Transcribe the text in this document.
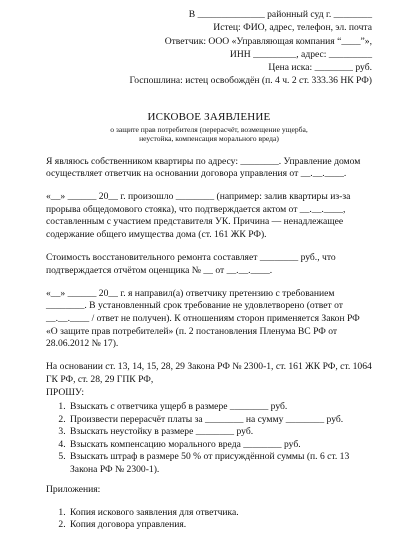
В ______________ районный суд г. ________
Истец: ФИО, адрес, телефон, эл. почта
Ответчик: ООО «Управляющая компания “____”»,
ИНН _________, адрес: _________
Цена иска: ________ руб.
Госпошлина: истец освобождён (п. 4 ч. 2 ст. 333.36 НК РФ)
ИСКОВОЕ ЗАЯВЛЕНИЕ
о защите прав потребителя (перерасчёт, возмещение ущерба,
неустойка, компенсация морального вреда)

Я являюсь собственником квартиры по адресу: ________. Управление домом осуществляет ответчик на основании договора управления от __.__.____.

«__» ______ 20__ г. произошло ________ (например: залив квартиры из-за прорыва общедомового стояка), что подтверждается актом от __.__.____, составленным с участием представителя УК. Причина — ненадлежащее содержание общего имущества дома (ст. 161 ЖК РФ).

Стоимость восстановительного ремонта составляет ________ руб., что подтверждается отчётом оценщика № __ от __.__.____.

«__» ______ 20__ г. я направил(а) ответчику претензию с требованием ________. В установленный срок требование не удовлетворено (ответ от __.__.____ / ответ не получен). К отношениям сторон применяется Закон РФ «О защите прав потребителей» (п. 2 постановления Пленума ВС РФ от 28.06.2012 № 17).

На основании ст. 13, 14, 15, 28, 29 Закона РФ № 2300-1, ст. 161 ЖК РФ, ст. 1064 ГК РФ, ст. 28, 29 ГПК РФ,

ПРОШУ:

1. Взыскать с ответчика ущерб в размере ________ руб.
2. Произвести перерасчёт платы за ________ на сумму ________ руб.
3. Взыскать неустойку в размере ________ руб.
4. Взыскать компенсацию морального вреда ________ руб.
5. Взыскать штраф в размере 50 % от присуждённой суммы (п. 6 ст. 13 Закона РФ № 2300-1).

Приложения:

1. Копия искового заявления для ответчика.
2. Копия договора управления.
